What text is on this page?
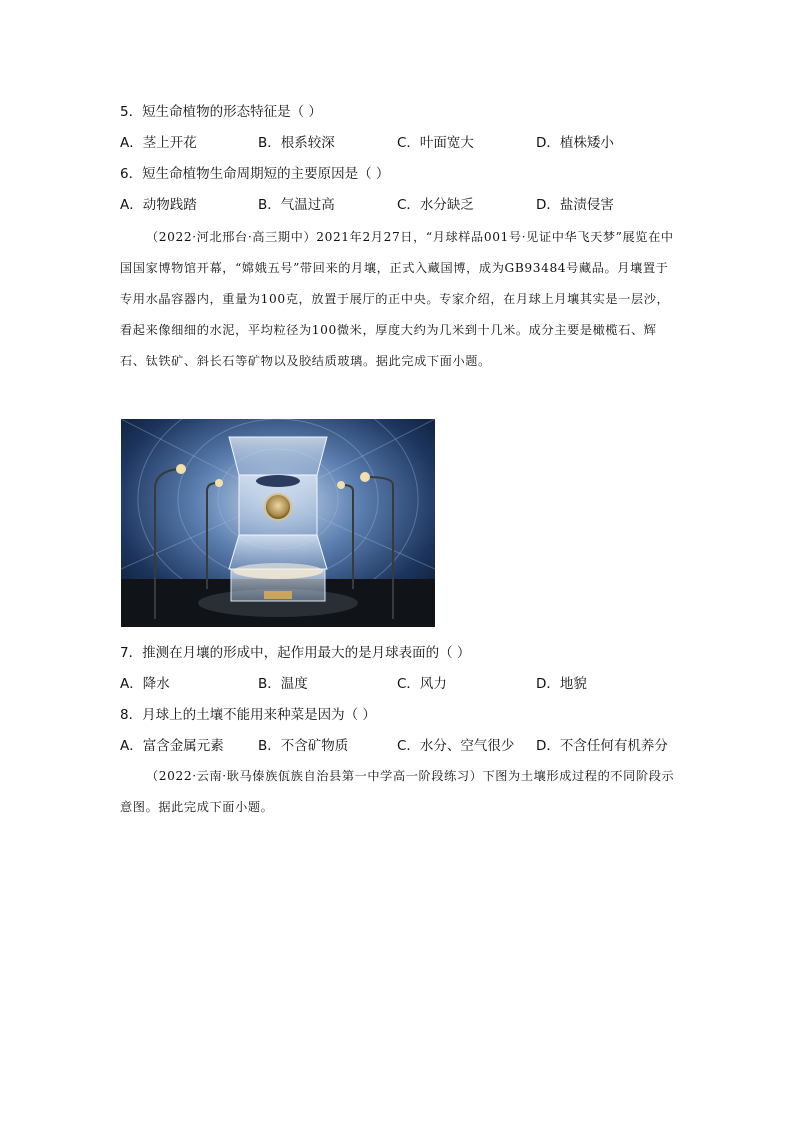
5．短生命植物的形态特征是（ ）
A．茎上开花	B．根系较深	C．叶面宽大	D．植株矮小
6．短生命植物生命周期短的主要原因是（ ）
A．动物践踏	B．气温过高	C．水分缺乏	D．盐渍侵害
（2022·河北邢台·高三期中）2021年2月27日，“月球样品001号·见证中华飞天梦”展览在中国国家博物馆开幕，“嫦娥五号”带回来的月壤，正式入藏国博，成为GB93484号藏品。月壤置于专用水晶容器内，重量为100克，放置于展厅的正中央。专家介绍，在月球上月壤其实是一层沙，看起来像细细的水泥，平均粒径为100微米，厚度大约为几米到十几米。成分主要是橄榄石、辉石、钛铁矿、斜长石等矿物以及胶结质玻璃。据此完成下面小题。
7．推测在月壤的形成中，起作用最大的是月球表面的（ ）
A．降水	B．温度	C．风力	D．地貌
8．月球上的土壤不能用来种菜是因为（ ）
A．富含金属元素	B．不含矿物质	C．水分、空气很少 D．不含任何有机养分
（2022·云南·耿马傣族佤族自治县第一中学高一阶段练习）下图为土壤形成过程的不同阶段示意图。据此完成下面小题。
